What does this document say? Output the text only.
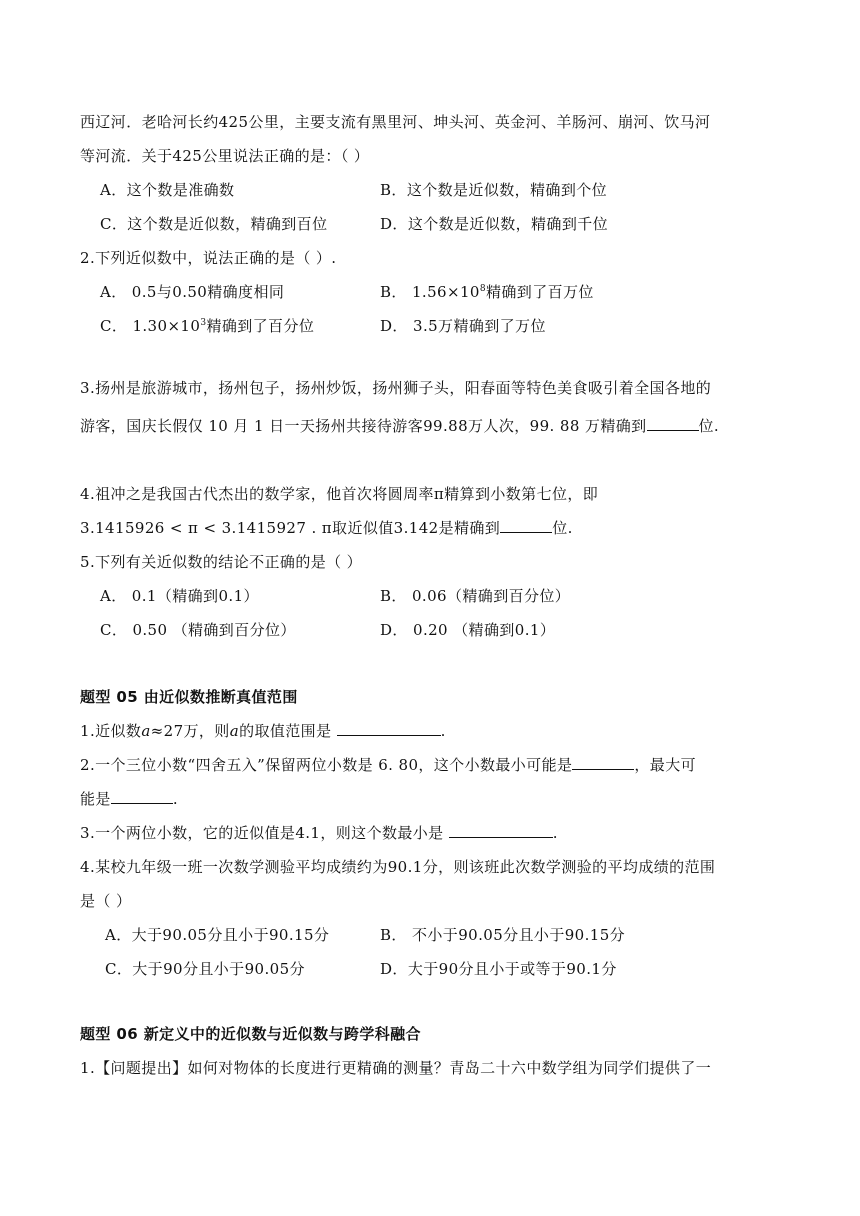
西辽河．老哈河长约425公里，主要支流有黑里河、坤头河、英金河、羊肠河、崩河、饮马河
等河流．关于425公里说法正确的是：（ ）
A．这个数是准确数	B．这个数是近似数，精确到个位
C．这个数是近似数，精确到百位	D．这个数是近似数，精确到千位
2.下列近似数中，说法正确的是（ ）.
A． 0.5与0.50精确度相同	B． $1.56\times 10^8$精确到了百万位
C． $1.30\times 10^3$精确到了百分位	D． 3.5万精确到了万位
3.扬州是旅游城市，扬州包子，扬州炒饭，扬州狮子头，阳春面等特色美食吸引着全国各地的
游客，国庆长假仅 10 月 1 日一天扬州共接待游客99.88万人次，99. 88 万精确到	位.
4.祖冲之是我国古代杰出的数学家，他首次将圆周率π精算到小数第七位，即
3.1415926 < π < 3.1415927 . π取近似值3.142是精确到	位.
5.下列有关近似数的结论不正确的是（ ）
A． 0.1（精确到0.1）	B． 0.06（精确到百分位）
C． 0.50 （精确到百分位）	D． 0.20 （精确到0.1）
题型 05 由近似数推断真值范围
1.近似数a≈27万，则a的取值范围是	.
2.一个三位小数“四舍五入”保留两位小数是 6. 80，这个小数最小可能是	，最大可
能是	.
3.一个两位小数，它的近似值是4.1，则这个数最小是	.
4.某校九年级一班一次数学测验平均成绩约为90.1分，则该班此次数学测验的平均成绩的范围
是（ ）
A．大于90.05分且小于90.15分	B． 不小于90.05分且小于90.15分
C．大于90分且小于90.05分	D．大于90分且小于或等于90.1分
题型 06 新定义中的近似数与近似数与跨学科融合
1.【问题提出】如何对物体的长度进行更精确的测量？青岛二十六中数学组为同学们提供了一
